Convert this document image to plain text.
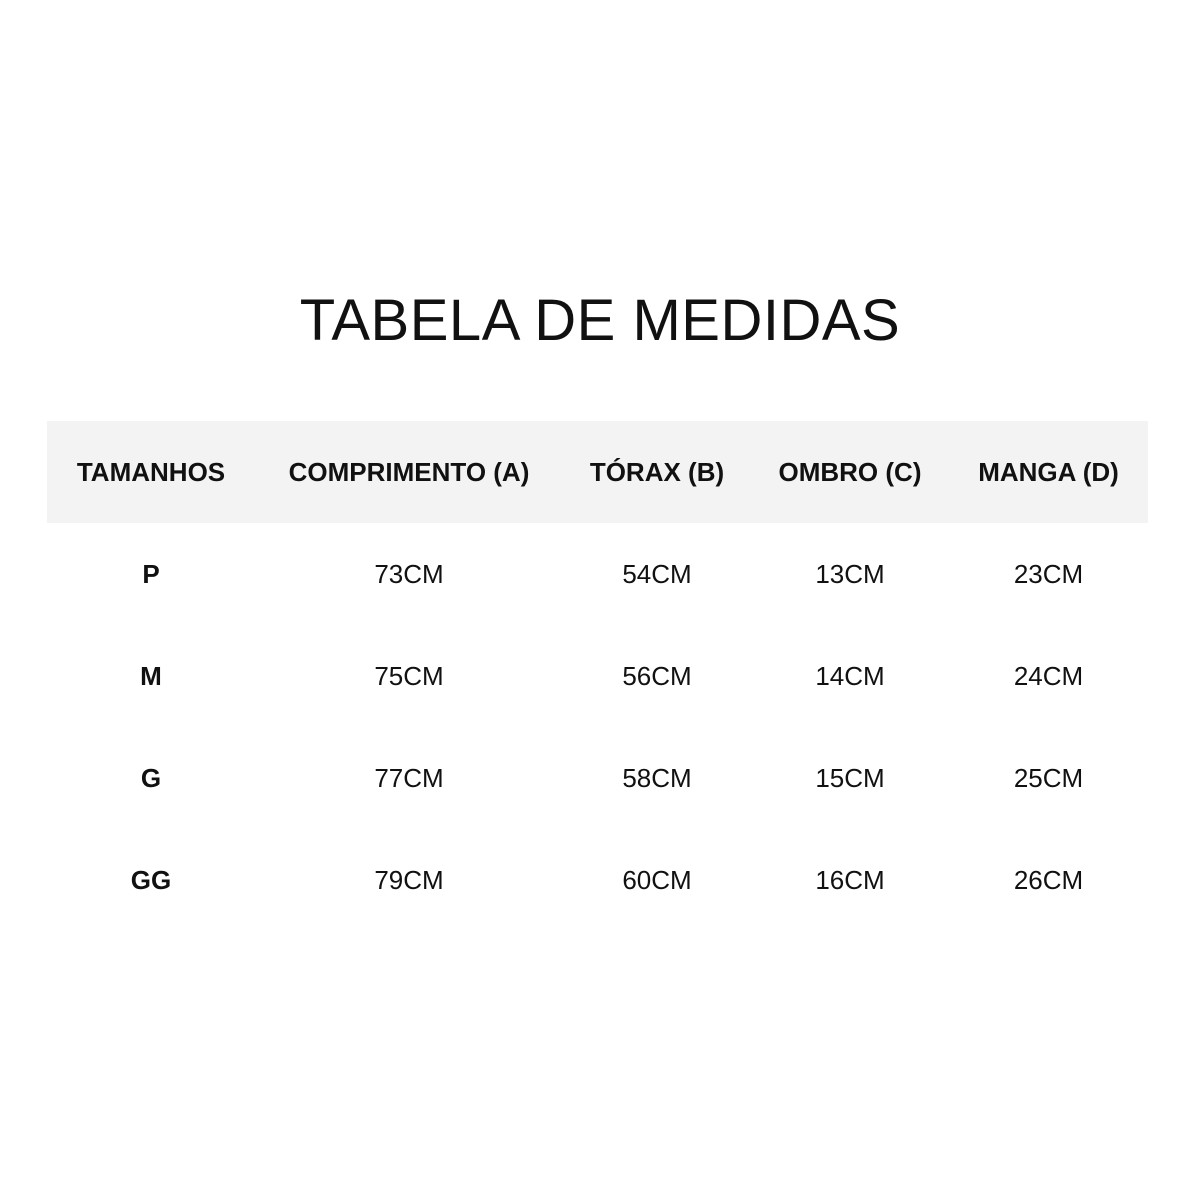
TABELA DE MEDIDAS
TAMANHOS	COMPRIMENTO (A)	TÓRAX (B)	OMBRO (C)	MANGA (D)
P	73CM	54CM	13CM	23CM
M	75CM	56CM	14CM	24CM
G	77CM	58CM	15CM	25CM
GG	79CM	60CM	16CM	26CM
